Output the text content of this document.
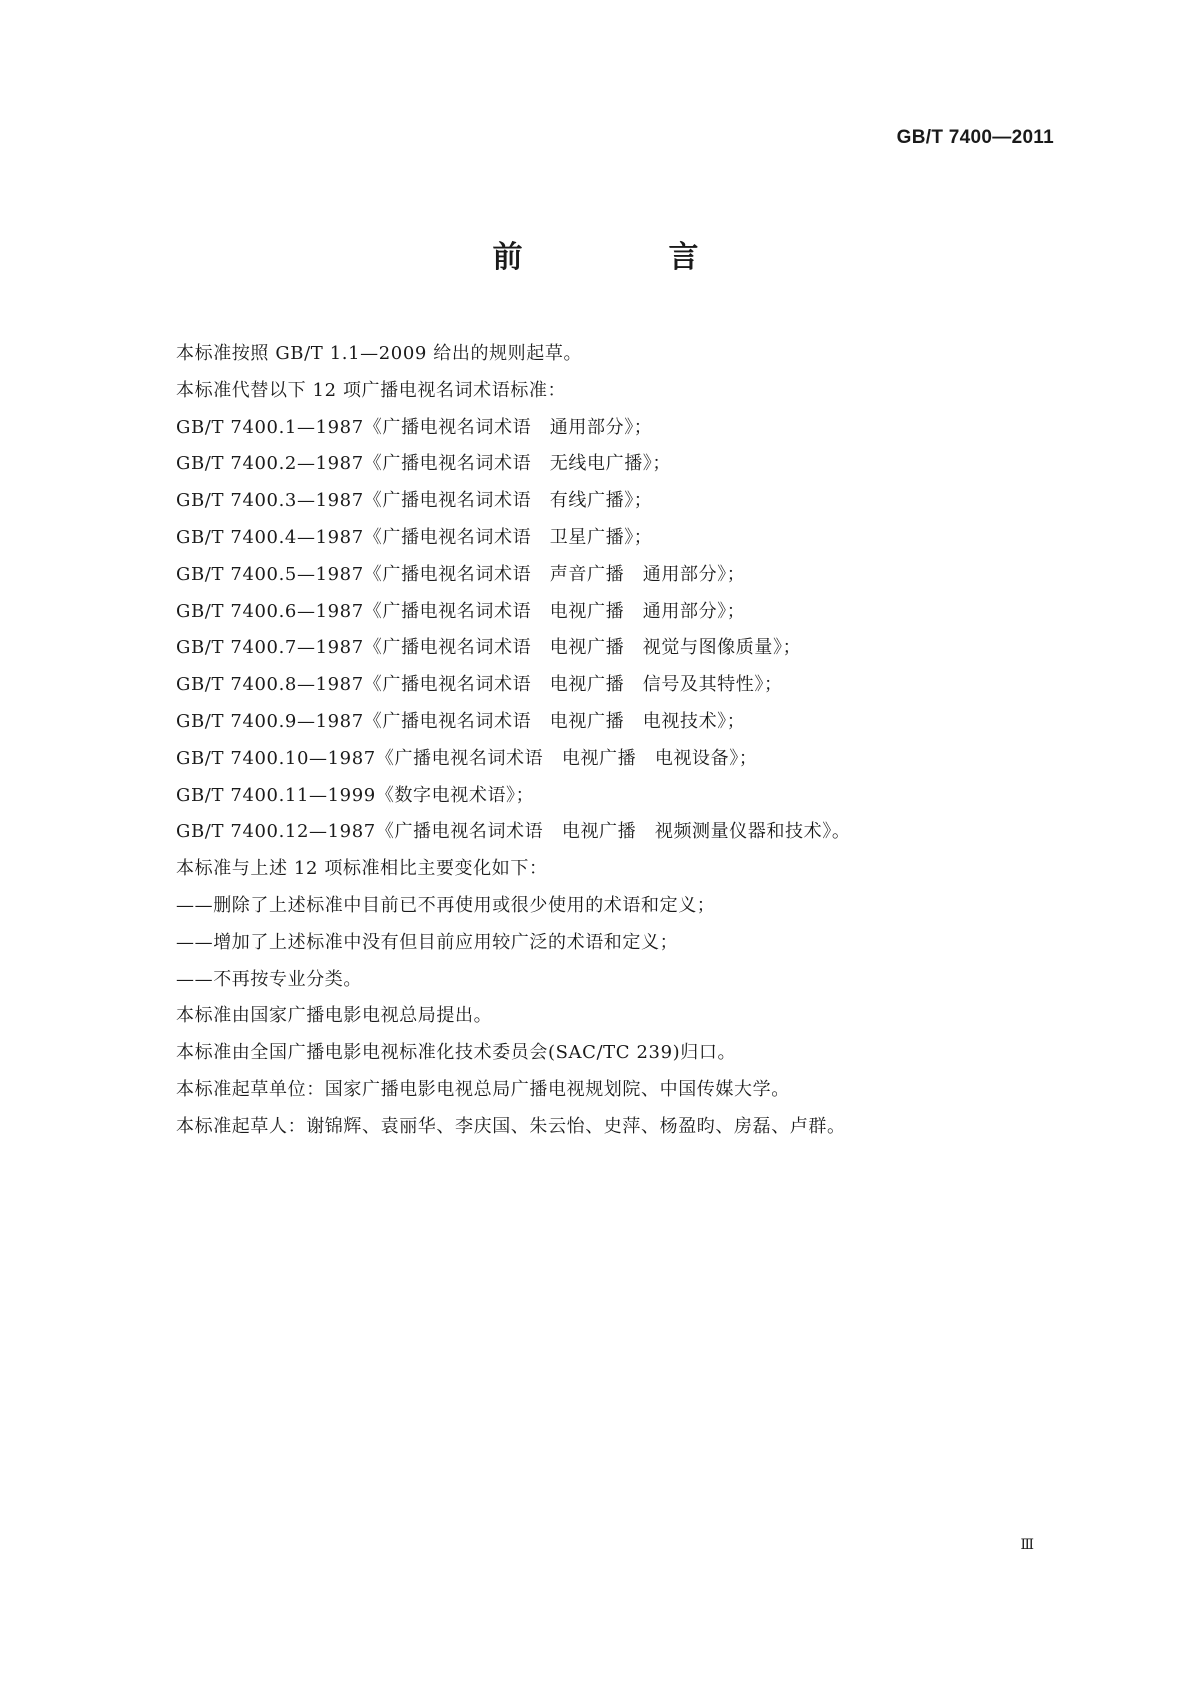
GB/T 7400—2011
前　言
本标准按照 GB/T 1.1—2009 给出的规则起草。
本标准代替以下 12 项广播电视名词术语标准：
GB/T 7400.1—1987《广播电视名词术语　通用部分》；
GB/T 7400.2—1987《广播电视名词术语　无线电广播》；
GB/T 7400.3—1987《广播电视名词术语　有线广播》；
GB/T 7400.4—1987《广播电视名词术语　卫星广播》；
GB/T 7400.5—1987《广播电视名词术语　声音广播　通用部分》；
GB/T 7400.6—1987《广播电视名词术语　电视广播　通用部分》；
GB/T 7400.7—1987《广播电视名词术语　电视广播　视觉与图像质量》；
GB/T 7400.8—1987《广播电视名词术语　电视广播　信号及其特性》；
GB/T 7400.9—1987《广播电视名词术语　电视广播　电视技术》；
GB/T 7400.10—1987《广播电视名词术语　电视广播　电视设备》；
GB/T 7400.11—1999《数字电视术语》；
GB/T 7400.12—1987《广播电视名词术语　电视广播　视频测量仪器和技术》。
本标准与上述 12 项标准相比主要变化如下：
——删除了上述标准中目前已不再使用或很少使用的术语和定义；
——增加了上述标准中没有但目前应用较广泛的术语和定义；
——不再按专业分类。
本标准由国家广播电影电视总局提出。
本标准由全国广播电影电视标准化技术委员会(SAC/TC 239)归口。
本标准起草单位：国家广播电影电视总局广播电视规划院、中国传媒大学。
本标准起草人：谢锦辉、袁丽华、李庆国、朱云怡、史萍、杨盈昀、房磊、卢群。
Ⅲ
